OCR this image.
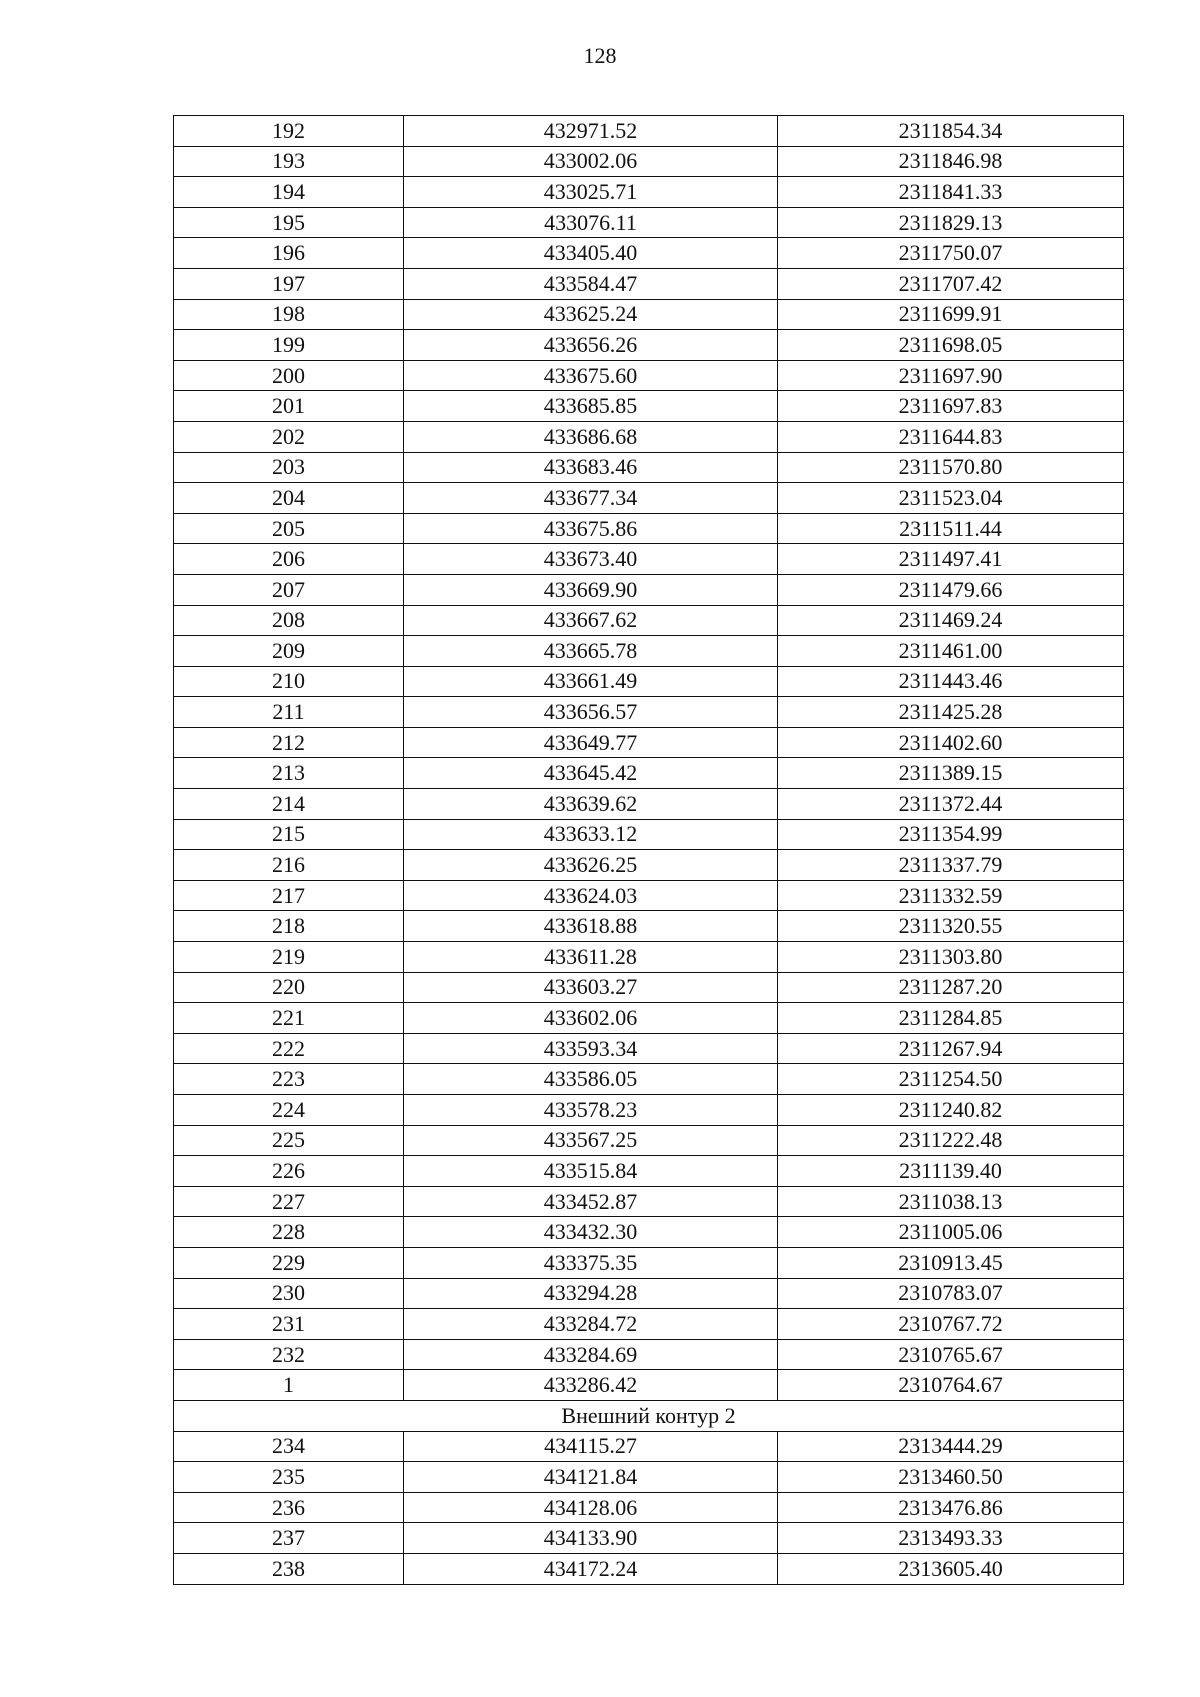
128
192	432971.52	2311854.34
193	433002.06	2311846.98
194	433025.71	2311841.33
195	433076.11	2311829.13
196	433405.40	2311750.07
197	433584.47	2311707.42
198	433625.24	2311699.91
199	433656.26	2311698.05
200	433675.60	2311697.90
201	433685.85	2311697.83
202	433686.68	2311644.83
203	433683.46	2311570.80
204	433677.34	2311523.04
205	433675.86	2311511.44
206	433673.40	2311497.41
207	433669.90	2311479.66
208	433667.62	2311469.24
209	433665.78	2311461.00
210	433661.49	2311443.46
211	433656.57	2311425.28
212	433649.77	2311402.60
213	433645.42	2311389.15
214	433639.62	2311372.44
215	433633.12	2311354.99
216	433626.25	2311337.79
217	433624.03	2311332.59
218	433618.88	2311320.55
219	433611.28	2311303.80
220	433603.27	2311287.20
221	433602.06	2311284.85
222	433593.34	2311267.94
223	433586.05	2311254.50
224	433578.23	2311240.82
225	433567.25	2311222.48
226	433515.84	2311139.40
227	433452.87	2311038.13
228	433432.30	2311005.06
229	433375.35	2310913.45
230	433294.28	2310783.07
231	433284.72	2310767.72
232	433284.69	2310765.67
1	433286.42	2310764.67
Внешний контур 2		
234	434115.27	2313444.29
235	434121.84	2313460.50
236	434128.06	2313476.86
237	434133.90	2313493.33
238	434172.24	2313605.40
